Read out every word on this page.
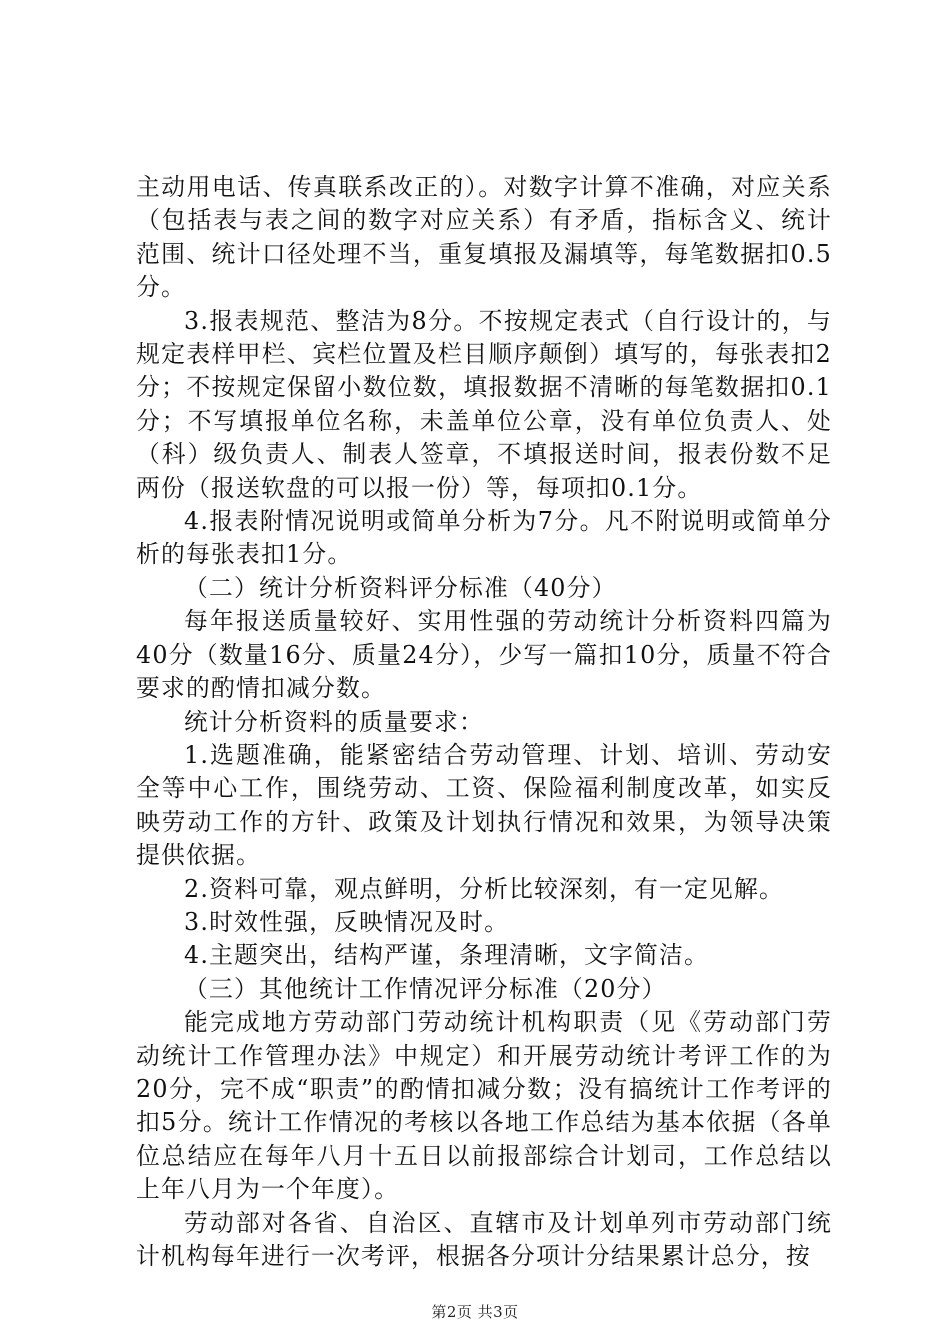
主动用电话、传真联系改正的）。对数字计算不准确，对应关系（包括表与表之间的数字对应关系）有矛盾，指标含义、统计范围、统计口径处理不当，重复填报及漏填等，每笔数据扣0.5分。

3.报表规范、整洁为8分。不按规定表式（自行设计的，与规定表样甲栏、宾栏位置及栏目顺序颠倒）填写的，每张表扣2分；不按规定保留小数位数，填报数据不清晰的每笔数据扣0.1分；不写填报单位名称，未盖单位公章，没有单位负责人、处（科）级负责人、制表人签章，不填报送时间，报表份数不足两份（报送软盘的可以报一份）等，每项扣0.1分。

4.报表附情况说明或简单分析为7分。凡不附说明或简单分析的每张表扣1分。

（二）统计分析资料评分标准（40分）

每年报送质量较好、实用性强的劳动统计分析资料四篇为40分（数量16分、质量24分），少写一篇扣10分，质量不符合要求的酌情扣减分数。

统计分析资料的质量要求：

1.选题准确，能紧密结合劳动管理、计划、培训、劳动安全等中心工作，围绕劳动、工资、保险福利制度改革，如实反映劳动工作的方针、政策及计划执行情况和效果，为领导决策提供依据。

2.资料可靠，观点鲜明，分析比较深刻，有一定见解。

3.时效性强，反映情况及时。

4.主题突出，结构严谨，条理清晰，文字简洁。

（三）其他统计工作情况评分标准（20分）

能完成地方劳动部门劳动统计机构职责（见《劳动部门劳动统计工作管理办法》中规定）和开展劳动统计考评工作的为20分，完不成“职责”的酌情扣减分数；没有搞统计工作考评的扣5分。统计工作情况的考核以各地工作总结为基本依据（各单位总结应在每年八月十五日以前报部综合计划司，工作总结以上年八月为一个年度）。

劳动部对各省、自治区、直辖市及计划单列市劳动部门统计机构每年进行一次考评，根据各分项计分结果累计总分，按

第2页 共3页
